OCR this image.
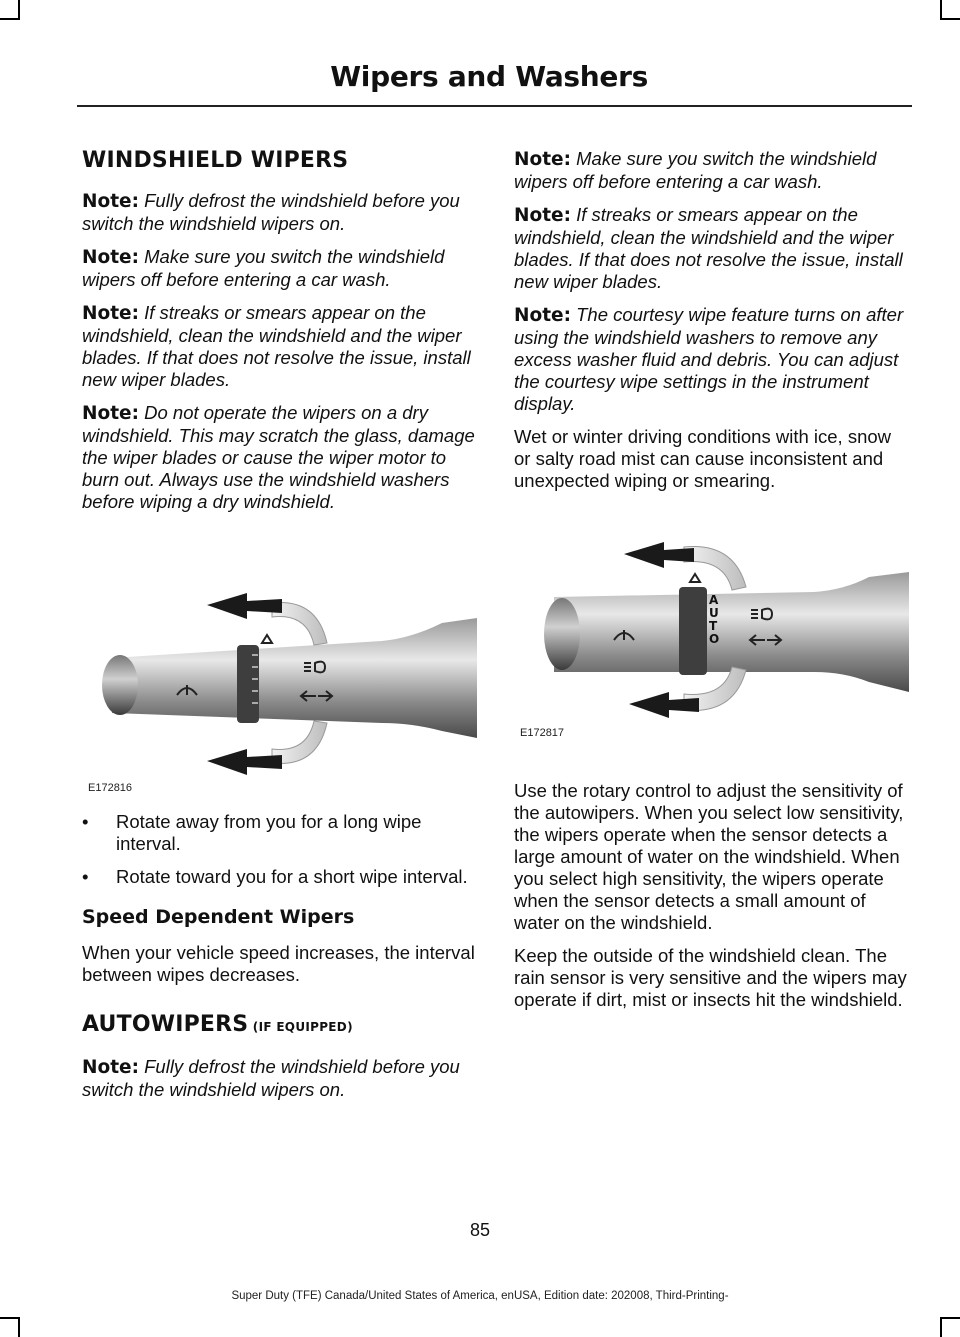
Wipers and Washers
WINDSHIELD WIPERS

Note: Fully defrost the windshield before you switch the windshield wipers on.

Note: Make sure you switch the windshield wipers off before entering a car wash.

Note: If streaks or smears appear on the windshield, clean the windshield and the wiper blades. If that does not resolve the issue, install new wiper blades.

Note: Do not operate the wipers on a dry windshield. This may scratch the glass, damage the wiper blades or cause the wiper motor to burn out. Always use the windshield washers before wiping a dry windshield.

E172816
• Rotate away from you for a long wipe interval.
• Rotate toward you for a short wipe interval.
Speed Dependent Wipers

When your vehicle speed increases, the interval between wipes decreases.

AUTOWIPERS (IF EQUIPPED)

Note: Fully defrost the windshield before you switch the windshield wipers on.

Note: Make sure you switch the windshield wipers off before entering a car wash.

Note: If streaks or smears appear on the windshield, clean the windshield and the wiper blades. If that does not resolve the issue, install new wiper blades.

Note: The courtesy wipe feature turns on after using the windshield washers to remove any excess washer fluid and debris. You can adjust the courtesy wipe settings in the instrument display.

Wet or winter driving conditions with ice, snow or salty road mist can cause inconsistent and unexpected wiping or smearing.

A
U
T
O
E172817

Use the rotary control to adjust the sensitivity of the autowipers. When you select low sensitivity, the wipers operate when the sensor detects a large amount of water on the windshield. When you select high sensitivity, the wipers operate when the sensor detects a small amount of water on the windshield.

Keep the outside of the windshield clean. The rain sensor is very sensitive and the wipers may operate if dirt, mist or insects hit the windshield.

85
Super Duty (TFE) Canada/United States of America, enUSA, Edition date: 202008, Third-Printing-
